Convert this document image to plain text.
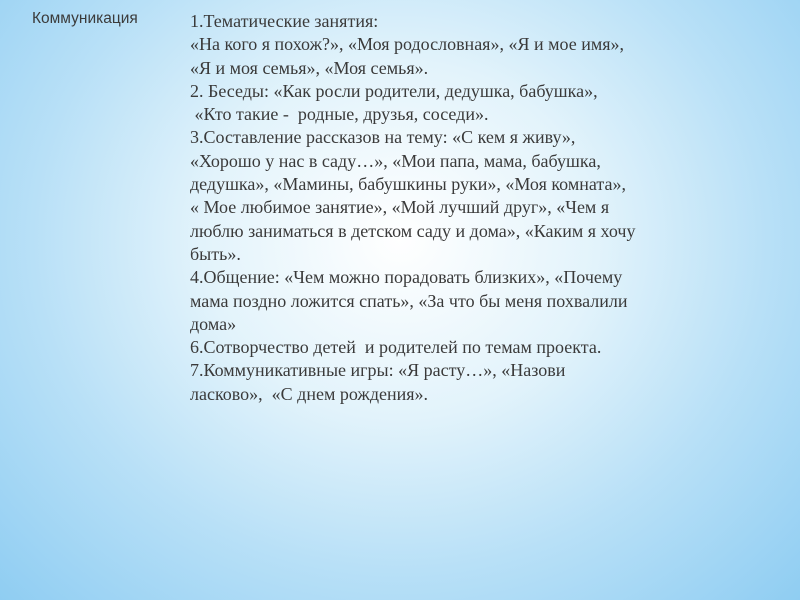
Коммуникация	1.Тематические занятия:
«На кого я похож?», «Моя родословная», «Я и мое имя»,
«Я и моя семья», «Моя семья».
2. Беседы: «Как росли родители, дедушка, бабушка»,
«Кто такие -  родные, друзья, соседи».
3.Составление рассказов на тему: «С кем я живу»,
«Хорошо у нас в саду…», «Мои папа, мама, бабушка,
дедушка», «Мамины, бабушкины руки», «Моя комната»,
« Мое любимое занятие», «Мой лучший друг», «Чем я
люблю заниматься в детском саду и дома», «Каким я хочу
быть».
4.Общение: «Чем можно порадовать близких», «Почему
мама поздно ложится спать», «За что бы меня похвалили
дома»
6.Сотворчество детей  и родителей по темам проекта.
7.Коммуникативные игры: «Я расту…», «Назови
ласково»,  «С днем рождения».
